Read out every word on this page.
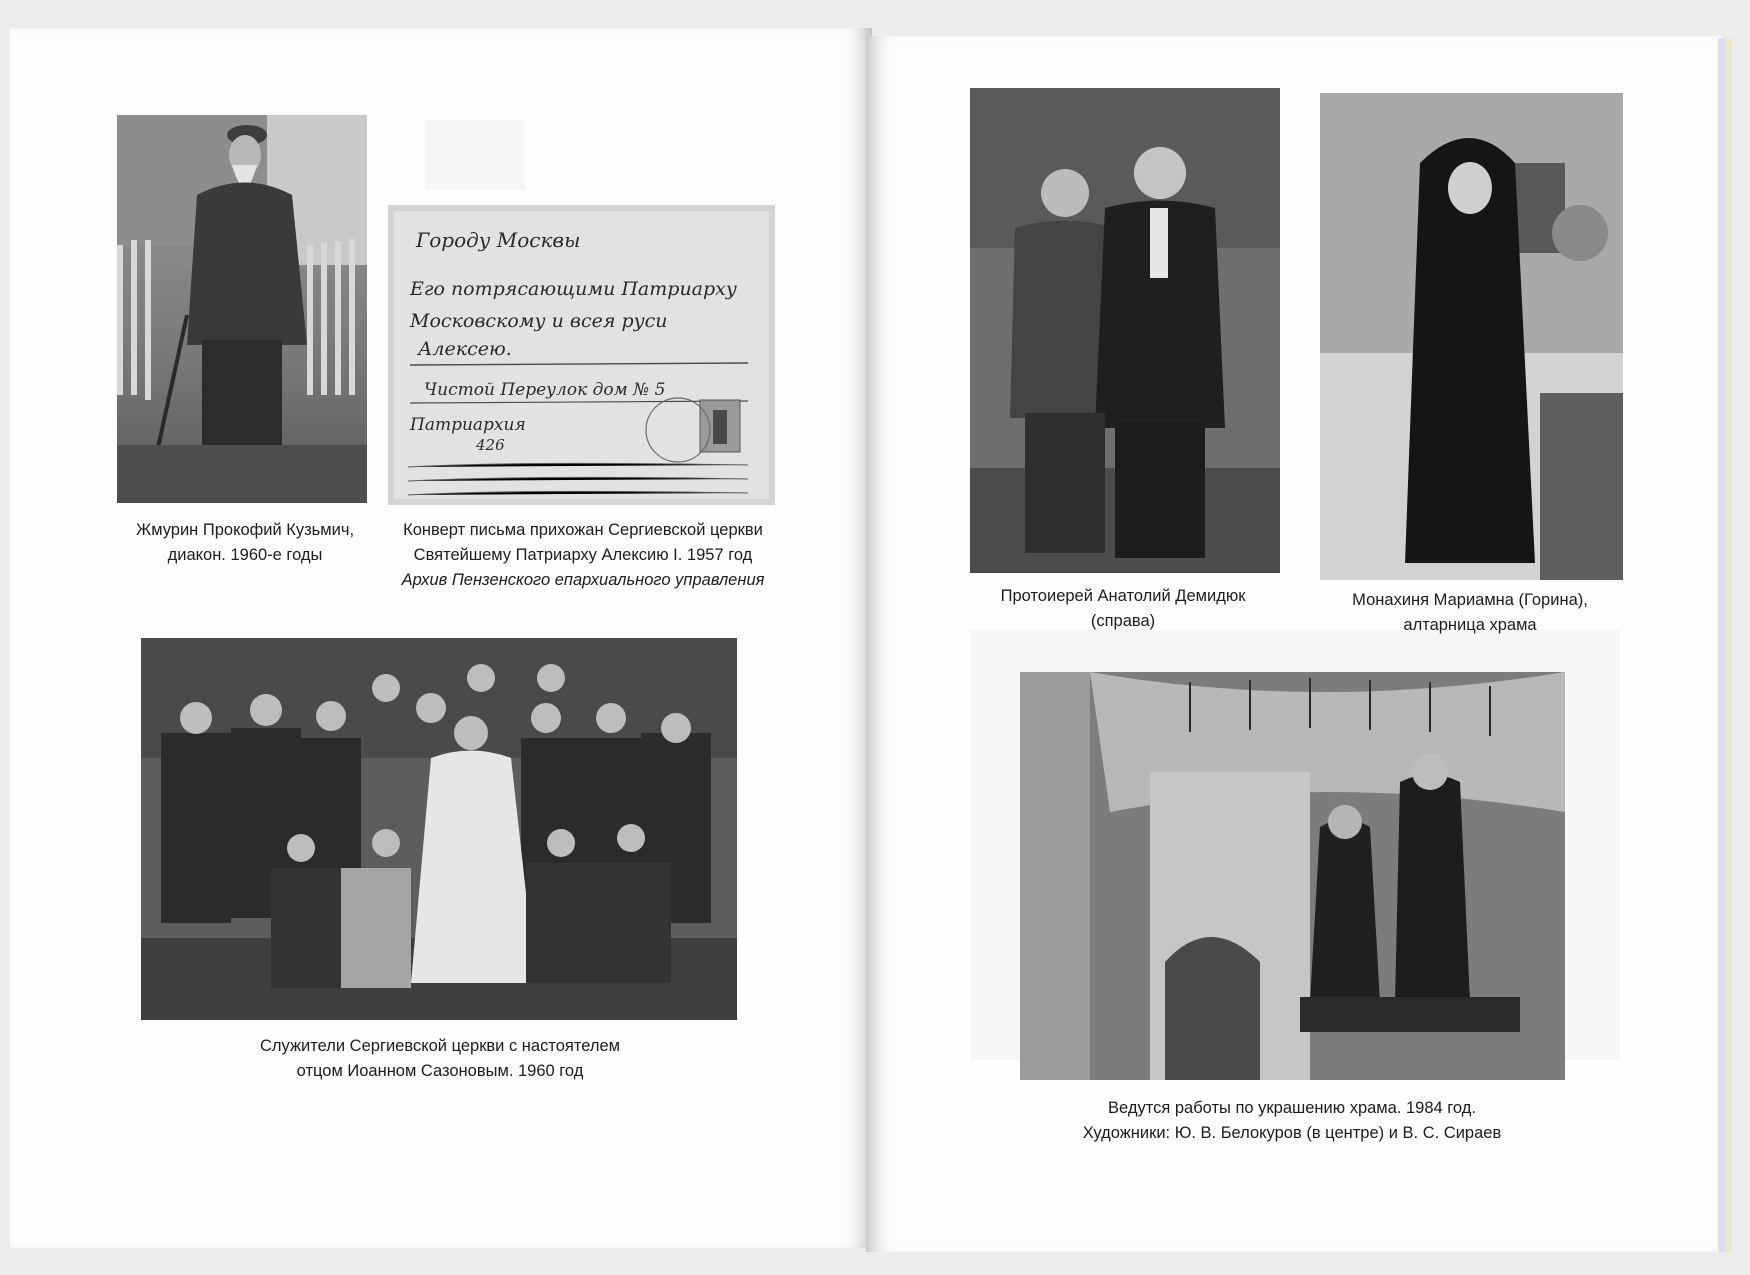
Жмурин Прокофий Кузьмич,
диакон. 1960-е годы
Городу Москвы
Его потрясающими Патриарху
Московскому и всея руси
Алексею.
Чистой Переулок дом № 5
Патриархия
426
Конверт письма прихожан Сергиевской церкви
Святейшему Патриарху Алексию I. 1957 год
Архив Пензенского епархиального управления
Служители Сергиевской церкви с настоятелем
отцом Иоанном Сазоновым. 1960 год
Протоиерей Анатолий Демидюк
(справа)
Монахиня Мариамна (Горина),
алтарница храма
Ведутся работы по украшению храма. 1984 год.
Художники: Ю. В. Белокуров (в центре) и В. С. Сираев
